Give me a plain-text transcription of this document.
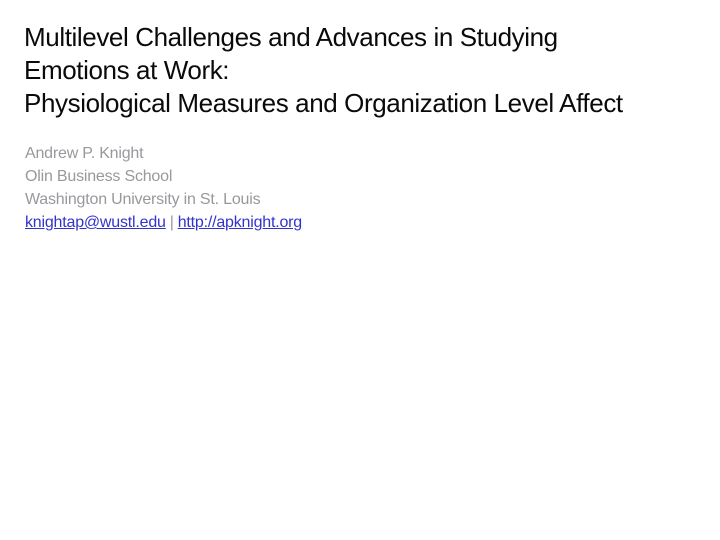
Multilevel Challenges and Advances in Studying
Emotions at Work:
Physiological Measures and Organization Level Affect
Andrew P. Knight
Olin Business School
Washington University in St. Louis
knightap@wustl.edu | http://apknight.org
